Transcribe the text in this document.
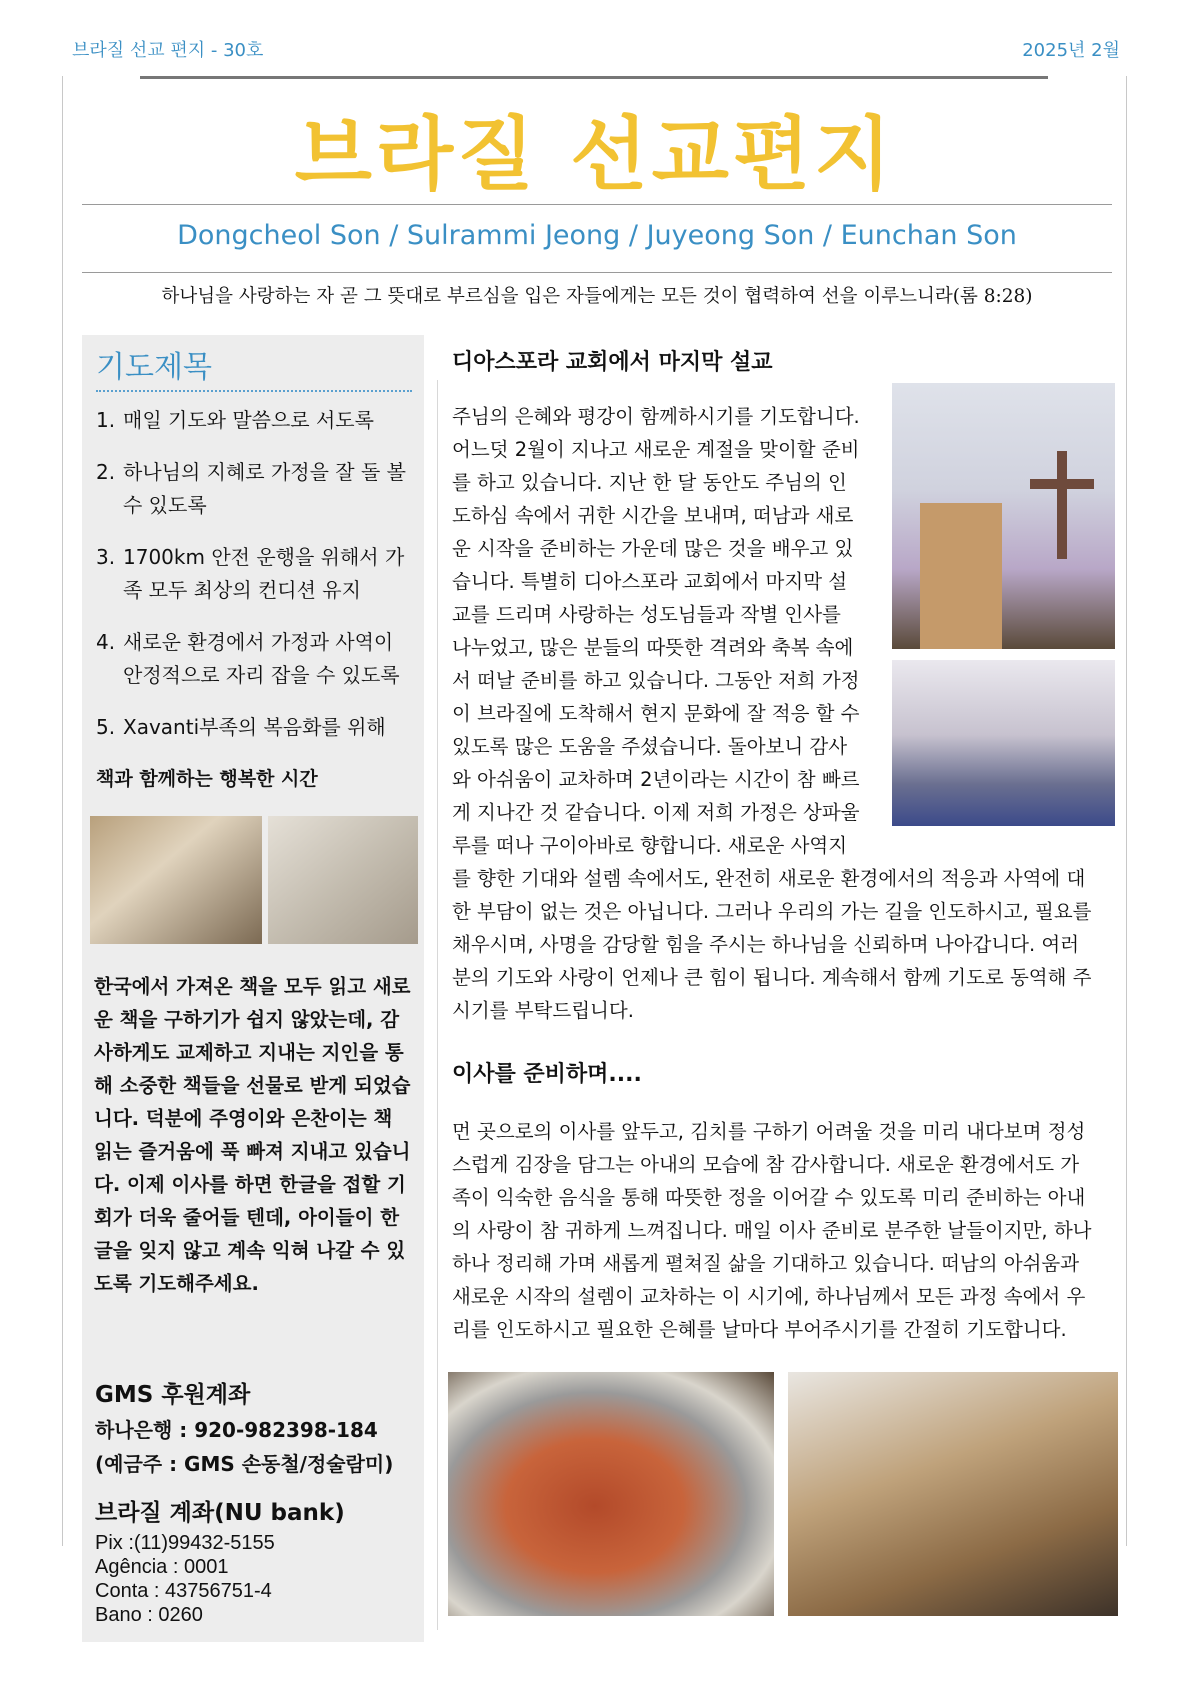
브라질 선교 편지 - 30호	2025년 2월
브라질 선교편지
Dongcheol Son / Sulrammi Jeong / Juyeong Son / Eunchan Son
하나님을 사랑하는 자 곧 그 뜻대로 부르심을 입은 자들에게는 모든 것이 협력하여 선을 이루느니라(롬 8:28)
기도제목
1. 매일 기도와 말씀으로 서도록
2. 하나님의 지혜로 가정을 잘 돌 볼 수 있도록
3. 1700km 안전 운행을 위해서 가족 모두 최상의 컨디션 유지
4. 새로운 환경에서 가정과 사역이 안정적으로 자리 잡을 수 있도록
5. Xavanti부족의 복음화를 위해
책과 함께하는 행복한 시간
한국에서 가져온 책을 모두 읽고 새로운 책을 구하기가 쉽지 않았는데, 감사하게도 교제하고 지내는 지인을 통해 소중한 책들을 선물로 받게 되었습니다. 덕분에 주영이와 은찬이는 책 읽는 즐거움에 푹 빠져 지내고 있습니다. 이제 이사를 하면 한글을 접할 기회가 더욱 줄어들 텐데, 아이들이 한글을 잊지 않고 계속 익혀 나갈 수 있도록 기도해주세요.
GMS 후원계좌
하나은행 : 920-982398-184
(예금주 : GMS 손동철/정술람미)
브라질 계좌(NU bank)
Pix :(11)99432-5155
Agência : 0001
Conta : 43756751-4
Bano : 0260
디아스포라 교회에서 마지막 설교
주님의 은혜와 평강이 함께하시기를 기도합니다.
어느덧 2월이 지나고 새로운 계절을 맞이할 준비
를 하고 있습니다. 지난 한 달 동안도 주님의 인
도하심 속에서 귀한 시간을 보내며, 떠남과 새로
운 시작을 준비하는 가운데 많은 것을 배우고 있
습니다. 특별히 디아스포라 교회에서 마지막 설
교를 드리며 사랑하는 성도님들과 작별 인사를
나누었고, 많은 분들의 따뜻한 격려와 축복 속에
서 떠날 준비를 하고 있습니다. 그동안 저희 가정
이 브라질에 도착해서 현지 문화에 잘 적응 할 수
있도록 많은 도움을 주셨습니다. 돌아보니 감사
와 아쉬움이 교차하며 2년이라는 시간이 참 빠르
게 지나간 것 같습니다. 이제 저희 가정은 상파울
루를 떠나 구이아바로 향합니다. 새로운 사역지
를 향한 기대와 설렘 속에서도, 완전히 새로운 환경에서의 적응과 사역에 대
한 부담이 없는 것은 아닙니다. 그러나 우리의 가는 길을 인도하시고, 필요를
채우시며, 사명을 감당할 힘을 주시는 하나님을 신뢰하며 나아갑니다. 여러
분의 기도와 사랑이 언제나 큰 힘이 됩니다. 계속해서 함께 기도로 동역해 주
시기를 부탁드립니다.
이사를 준비하며....
먼 곳으로의 이사를 앞두고, 김치를 구하기 어려울 것을 미리 내다보며 정성
스럽게 김장을 담그는 아내의 모습에 참 감사합니다. 새로운 환경에서도 가
족이 익숙한 음식을 통해 따뜻한 정을 이어갈 수 있도록 미리 준비하는 아내
의 사랑이 참 귀하게 느껴집니다. 매일 이사 준비로 분주한 날들이지만, 하나
하나 정리해 가며 새롭게 펼쳐질 삶을 기대하고 있습니다. 떠남의 아쉬움과
새로운 시작의 설렘이 교차하는 이 시기에, 하나님께서 모든 과정 속에서 우
리를 인도하시고 필요한 은혜를 날마다 부어주시기를 간절히 기도합니다.
